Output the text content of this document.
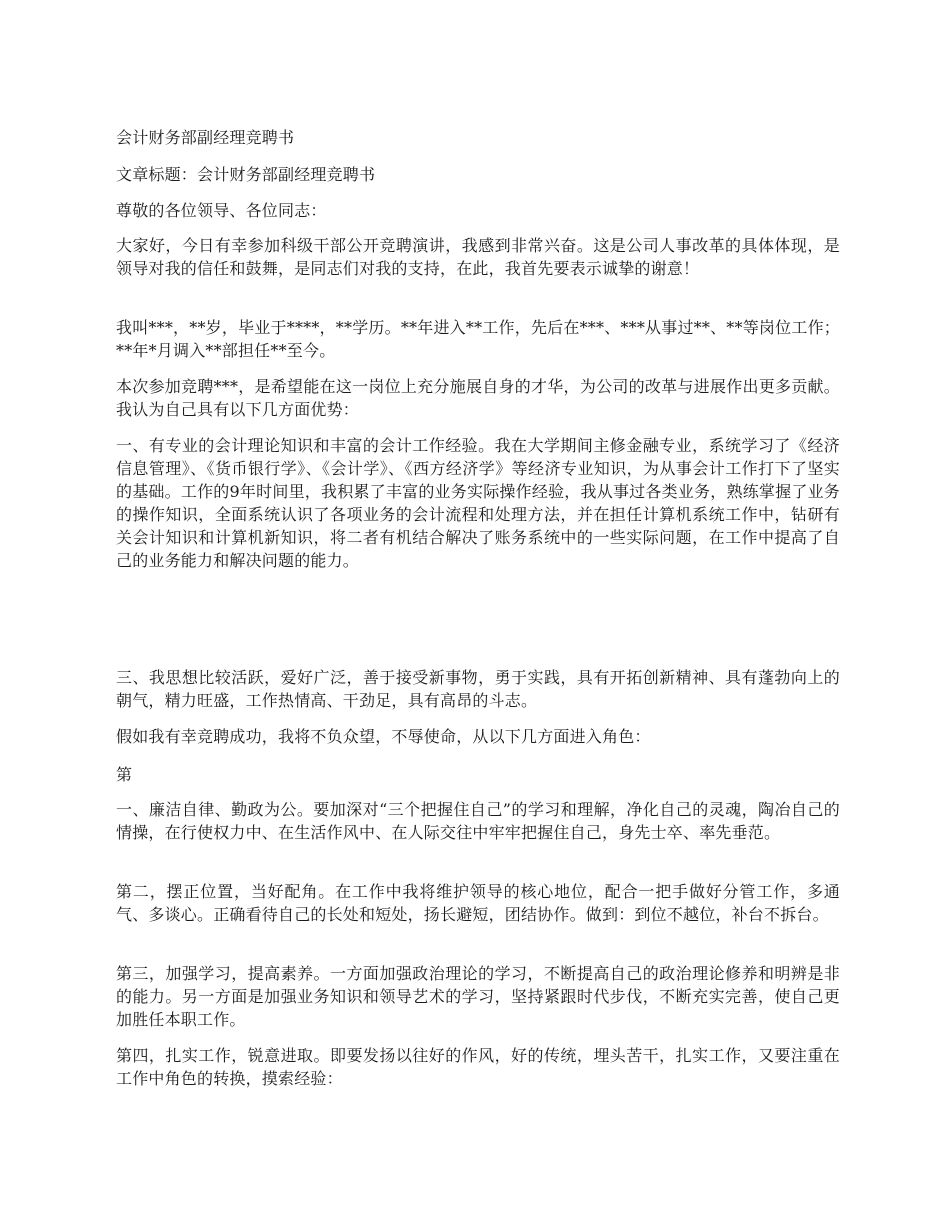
会计财务部副经理竞聘书

文章标题：会计财务部副经理竞聘书

尊敬的各位领导、各位同志：

大家好，今日有幸参加科级干部公开竞聘演讲，我感到非常兴奋。这是公司人事改革的具体体现，是领导对我的信任和鼓舞，是同志们对我的支持，在此，我首先要表示诚挚的谢意！

我叫***，**岁，毕业于****，**学历。**年进入**工作，先后在***、***从事过**、**等岗位工作；**年*月调入**部担任**至今。

本次参加竞聘***，是希望能在这一岗位上充分施展自身的才华，为公司的改革与进展作出更多贡献。我认为自己具有以下几方面优势：

一、有专业的会计理论知识和丰富的会计工作经验。我在大学期间主修金融专业，系统学习了《经济信息管理》、《货币银行学》、《会计学》、《西方经济学》等经济专业知识，为从事会计工作打下了坚实的基础。工作的9年时间里，我积累了丰富的业务实际操作经验，我从事过各类业务，熟练掌握了业务的操作知识，全面系统认识了各项业务的会计流程和处理方法，并在担任计算机系统工作中，钻研有关会计知识和计算机新知识，将二者有机结合解决了账务系统中的一些实际问题，在工作中提高了自己的业务能力和解决问题的能力。

三、我思想比较活跃，爱好广泛，善于接受新事物，勇于实践，具有开拓创新精神、具有蓬勃向上的朝气，精力旺盛，工作热情高、干劲足，具有高昂的斗志。

假如我有幸竞聘成功，我将不负众望，不辱使命，从以下几方面进入角色：

第

一、廉洁自律、勤政为公。要加深对“三个把握住自己”的学习和理解，净化自己的灵魂，陶冶自己的情操，在行使权力中、在生活作风中、在人际交往中牢牢把握住自己，身先士卒、率先垂范。

第二，摆正位置，当好配角。在工作中我将维护领导的核心地位，配合一把手做好分管工作，多通气、多谈心。正确看待自己的长处和短处，扬长避短，团结协作。做到：到位不越位，补台不拆台。

第三，加强学习，提高素养。一方面加强政治理论的学习，不断提高自己的政治理论修养和明辨是非的能力。另一方面是加强业务知识和领导艺术的学习，坚持紧跟时代步伐，不断充实完善，使自己更加胜任本职工作。

第四，扎实工作，锐意进取。即要发扬以往好的作风，好的传统，埋头苦干，扎实工作，又要注重在工作中角色的转换，摸索经验：
